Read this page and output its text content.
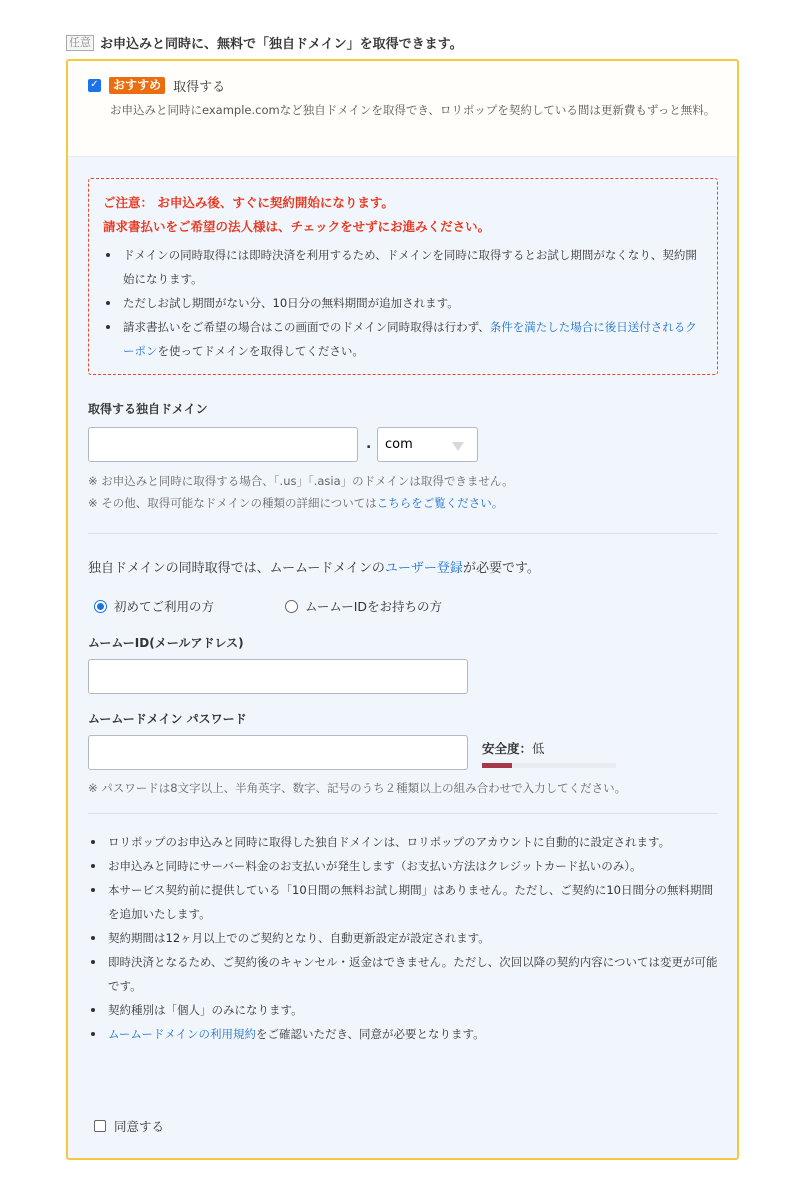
任意 お申込みと同時に、無料で「独自ドメイン」を取得できます。
✓	おすすめ 取得する
お申込みと同時にexample.comなど独自ドメインを取得でき、ロリポップを契約している間は更新費もずっと無料。
ご注意： お申込み後、すぐに契約開始になります。
請求書払いをご希望の法人様は、チェックをせずにお進みください。
ドメインの同時取得には即時決済を利用するため、ドメインを同時に取得するとお試し期間がなくなり、契約開始になります。
ただしお試し期間がない分、10日分の無料期間が追加されます。
請求書払いをご希望の場合はこの画面でのドメイン同時取得は行わず、条件を満たした場合に後日送付されるクーポンを使ってドメインを取得してください。
取得する独自ドメイン
. com
※ お申込みと同時に取得する場合、「.us」「.asia」のドメインは取得できません。
※ その他、取得可能なドメインの種類の詳細についてはこちらをご覧ください。
独自ドメインの同時取得では、ムームードメインのユーザー登録が必要です。
初めてご利用の方	ムームーIDをお持ちの方
ムームーID(メールアドレス)
ムームードメイン パスワード
安全度：低
※ パスワードは8文字以上、半角英字、数字、記号のうち２種類以上の組み合わせで入力してください。
ロリポップのお申込みと同時に取得した独自ドメインは、ロリポップのアカウントに自動的に設定されます。
お申込みと同時にサーバー料金のお支払いが発生します（お支払い方法はクレジットカード払いのみ）。
本サービス契約前に提供している「10日間の無料お試し期間」はありません。ただし、ご契約に10日間分の無料期間を追加いたします。
契約期間は12ヶ月以上でのご契約となり、自動更新設定が設定されます。
即時決済となるため、ご契約後のキャンセル・返金はできません。ただし、次回以降の契約内容については変更が可能です。
契約種別は「個人」のみになります。
ムームードメインの利用規約をご確認いただき、同意が必要となります。
同意する
